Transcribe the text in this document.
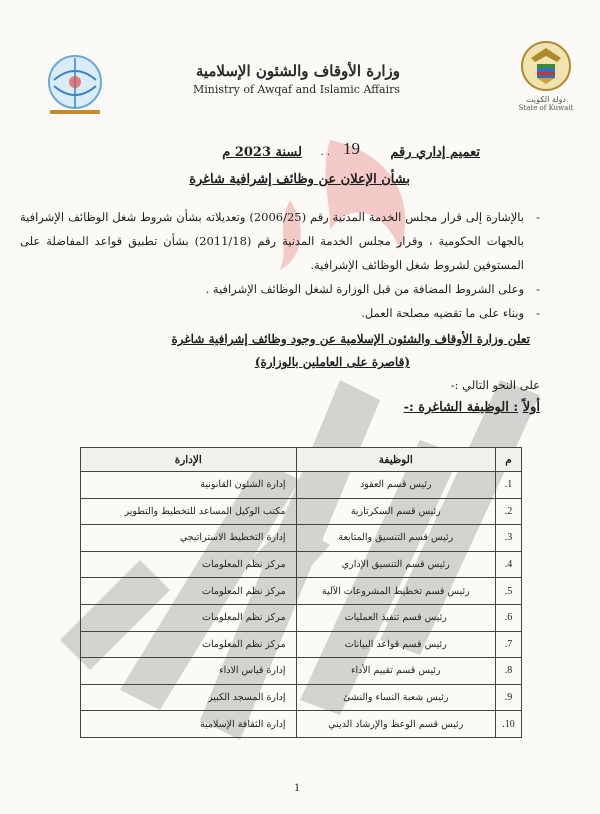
دولة الكويت
State of Kuwait
وزارة الأوقاف والشئون الإسلامية
Ministry of Awqaf and Islamic Affairs
تعميم إداري رقم
19
. .
لسنة 2023 م
بشأن الإعلان عن وظائف إشرافية شاغرة
-
بالإشارة إلى قرار مجلس الخدمة المدنية رقم (2006/25) وتعديلاته بشأن شروط شغل الوظائف الإشرافية بالجهات الحكومية ، وقرار مجلس الخدمة المدنية رقم (2011/18) بشأن تطبيق قواعد المفاضلة على المستوفين لشروط شغل الوظائف الإشرافية.
-
وعلى الشروط المضافة من قبل الوزارة لشغل الوظائف الإشرافية .
-
وبناء على ما تقضيه مصلحة العمل.
تعلن وزارة الأوقاف والشئون الإسلامية عن وجود وظائف إشرافية شاغرة
(قاصرة على العاملين بالوزارة)
على النحو التالي :-
أولاً : الوظيفة الشاغرة :-
م	الوظيفة	الإدارة
1.	رئيس قسم العقود	إدارة الشئون القانونية
2.	رئيس قسم السكرتارية	مكتب الوكيل المساعد للتخطيط والتطوير
3.	رئيس قسم التنسيق والمتابعة	إدارة التخطيط الاستراتيجي
4.	رئيس قسم التنسيق الإداري	مركز نظم المعلومات
5.	رئيس قسم تخطيط المشروعات الآلية	مركز نظم المعلومات
6.	رئيس قسم تنفيذ العمليات	مركز نظم المعلومات
7.	رئيس قسم قواعد البيانات	مركز نظم المعلومات
8.	رئيس قسم تقييم الأداء	إدارة قياس الاداء
9.	رئيس شعبة النساء والنشئ	إدارة المسجد الكبير
10.	رئيس قسم الوعظ والإرشاد الديني	إدارة الثقافة الإسلامية
1
